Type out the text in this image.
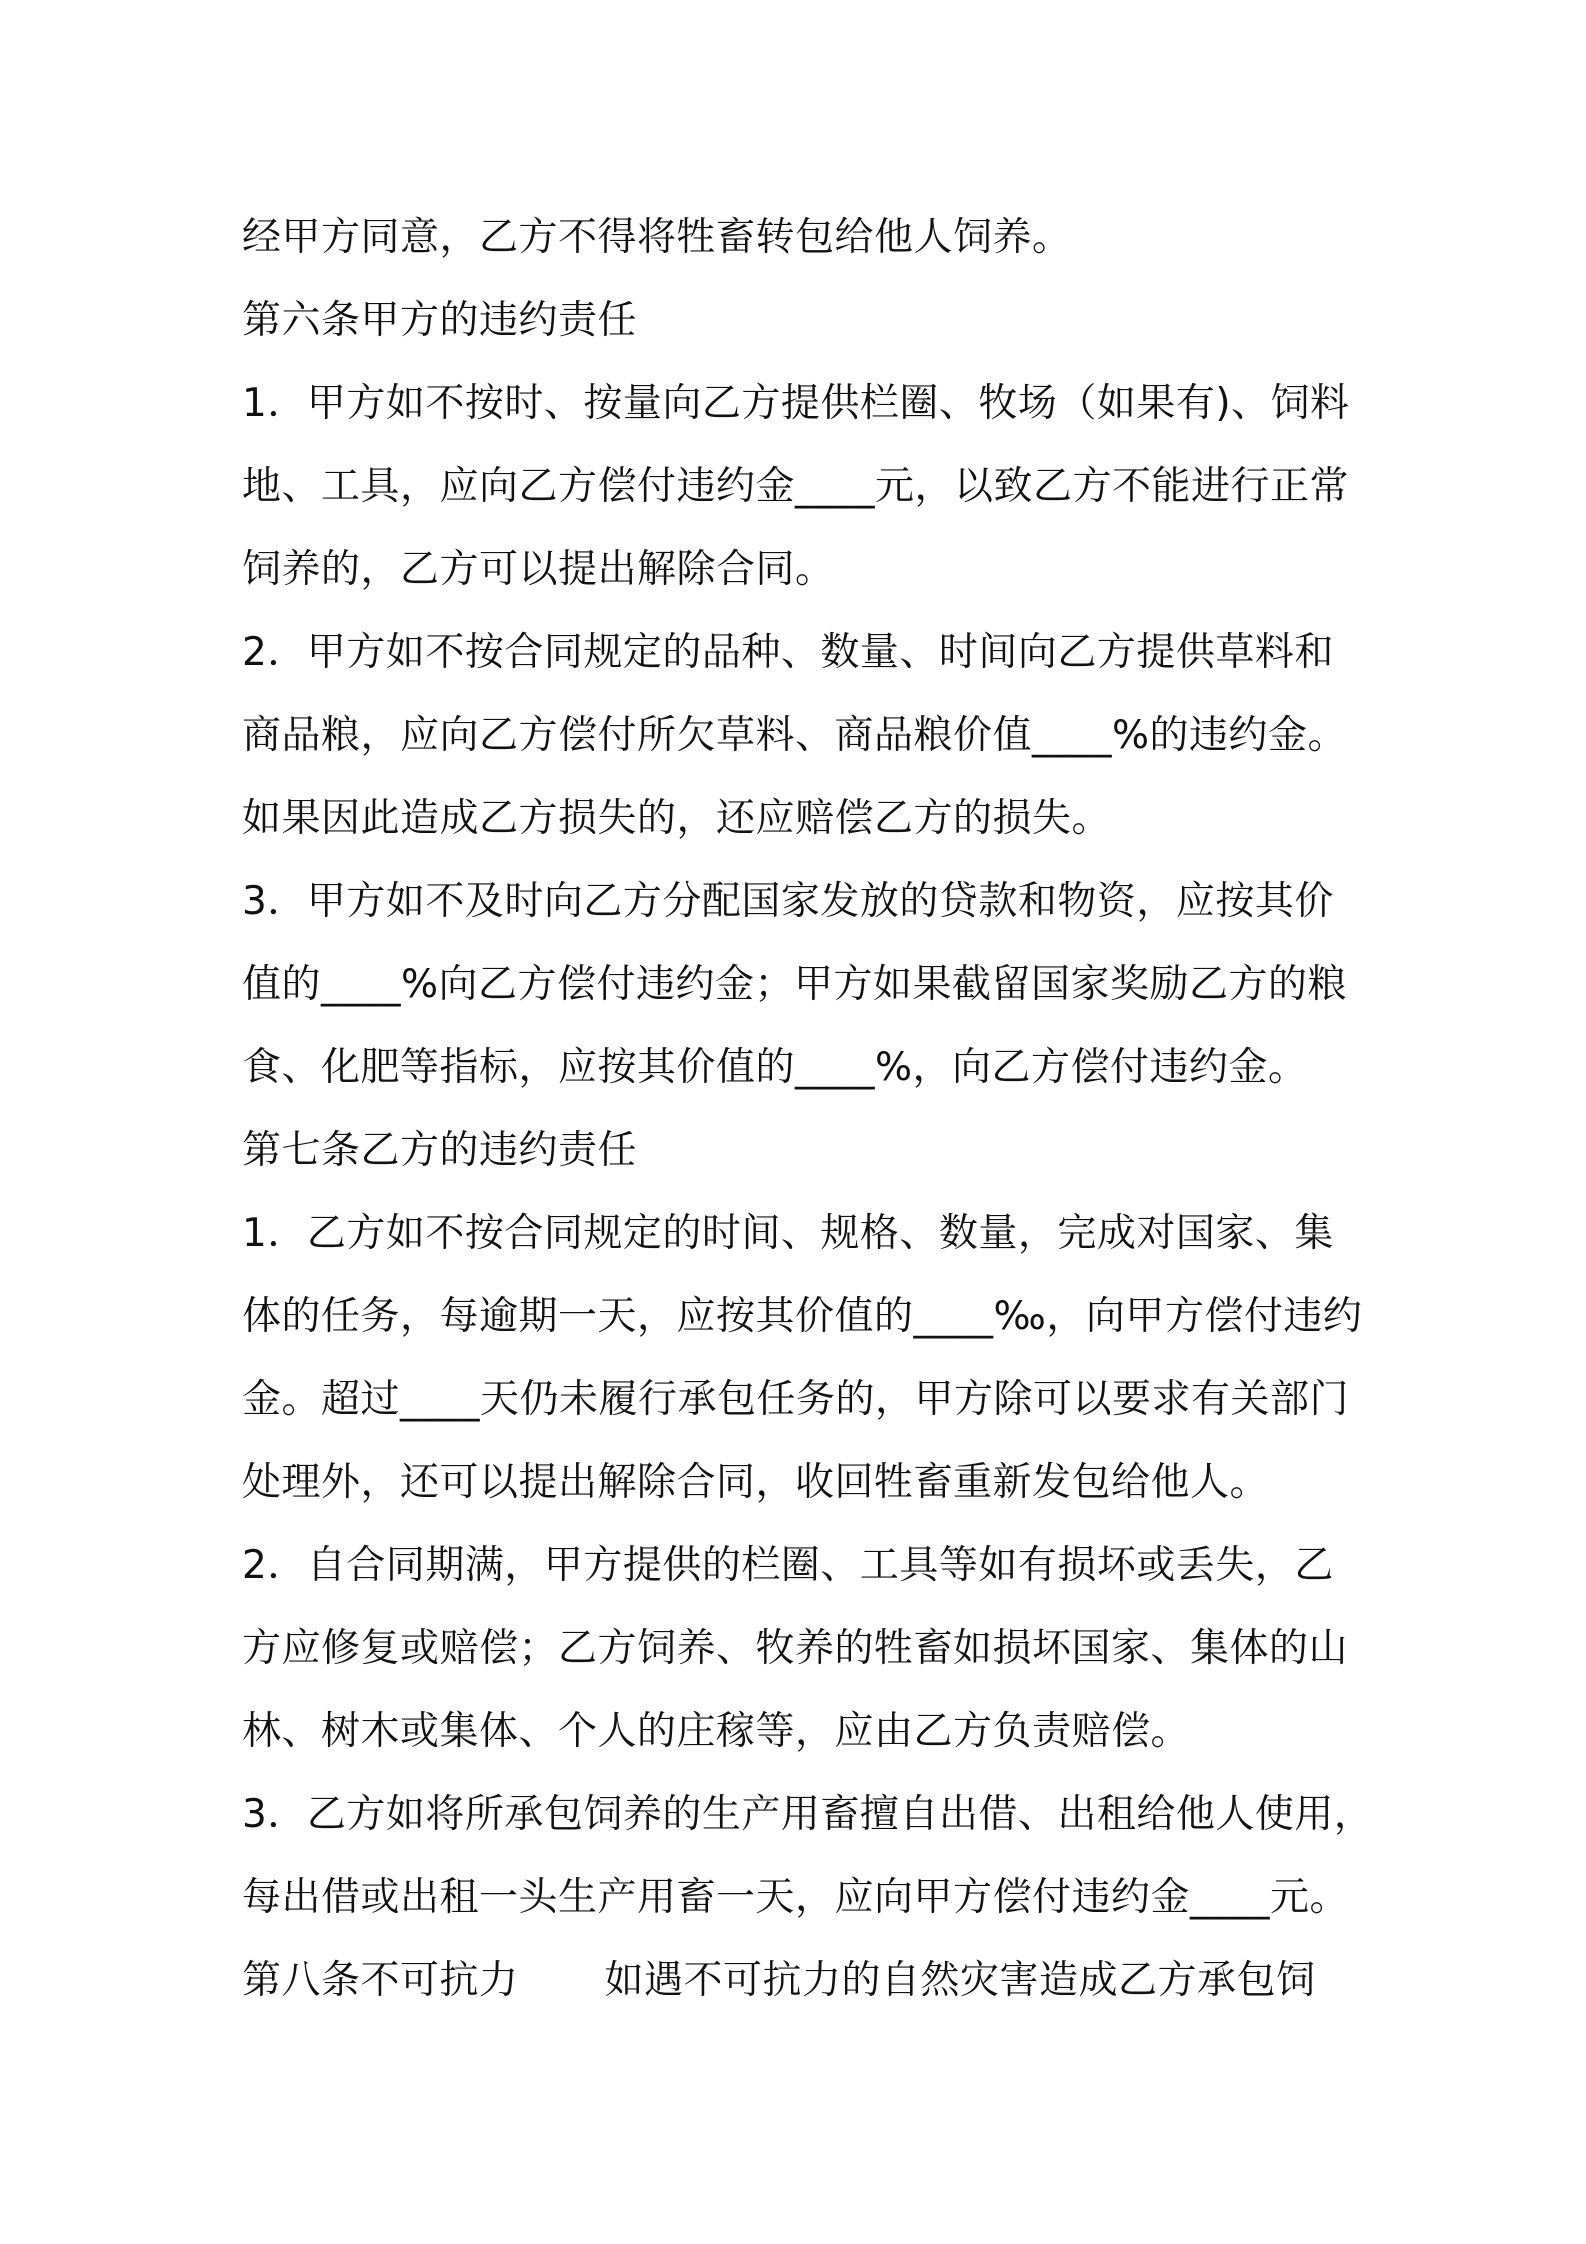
经甲方同意，乙方不得将牲畜转包给他人饲养。
第六条甲方的违约责任
1．甲方如不按时、按量向乙方提供栏圈、牧场（如果有)、饲料
地、工具，应向乙方偿付违约金____元，以致乙方不能进行正常
饲养的，乙方可以提出解除合同。
2．甲方如不按合同规定的品种、数量、时间向乙方提供草料和
商品粮，应向乙方偿付所欠草料、商品粮价值____%的违约金。
如果因此造成乙方损失的，还应赔偿乙方的损失。
3．甲方如不及时向乙方分配国家发放的贷款和物资，应按其价
值的____%向乙方偿付违约金；甲方如果截留国家奖励乙方的粮
食、化肥等指标，应按其价值的____%，向乙方偿付违约金。
第七条乙方的违约责任
1．乙方如不按合同规定的时间、规格、数量，完成对国家、集
体的任务，每逾期一天，应按其价值的____‰，向甲方偿付违约
金。超过____天仍未履行承包任务的，甲方除可以要求有关部门
处理外，还可以提出解除合同，收回牲畜重新发包给他人。
2．自合同期满，甲方提供的栏圈、工具等如有损坏或丢失，乙
方应修复或赔偿；乙方饲养、牧养的牲畜如损坏国家、集体的山
林、树木或集体、个人的庄稼等，应由乙方负责赔偿。
3．乙方如将所承包饲养的生产用畜擅自出借、出租给他人使用，
每出借或出租一头生产用畜一天，应向甲方偿付违约金____元。
第八条不可抗力 如遇不可抗力的自然灾害造成乙方承包饲
